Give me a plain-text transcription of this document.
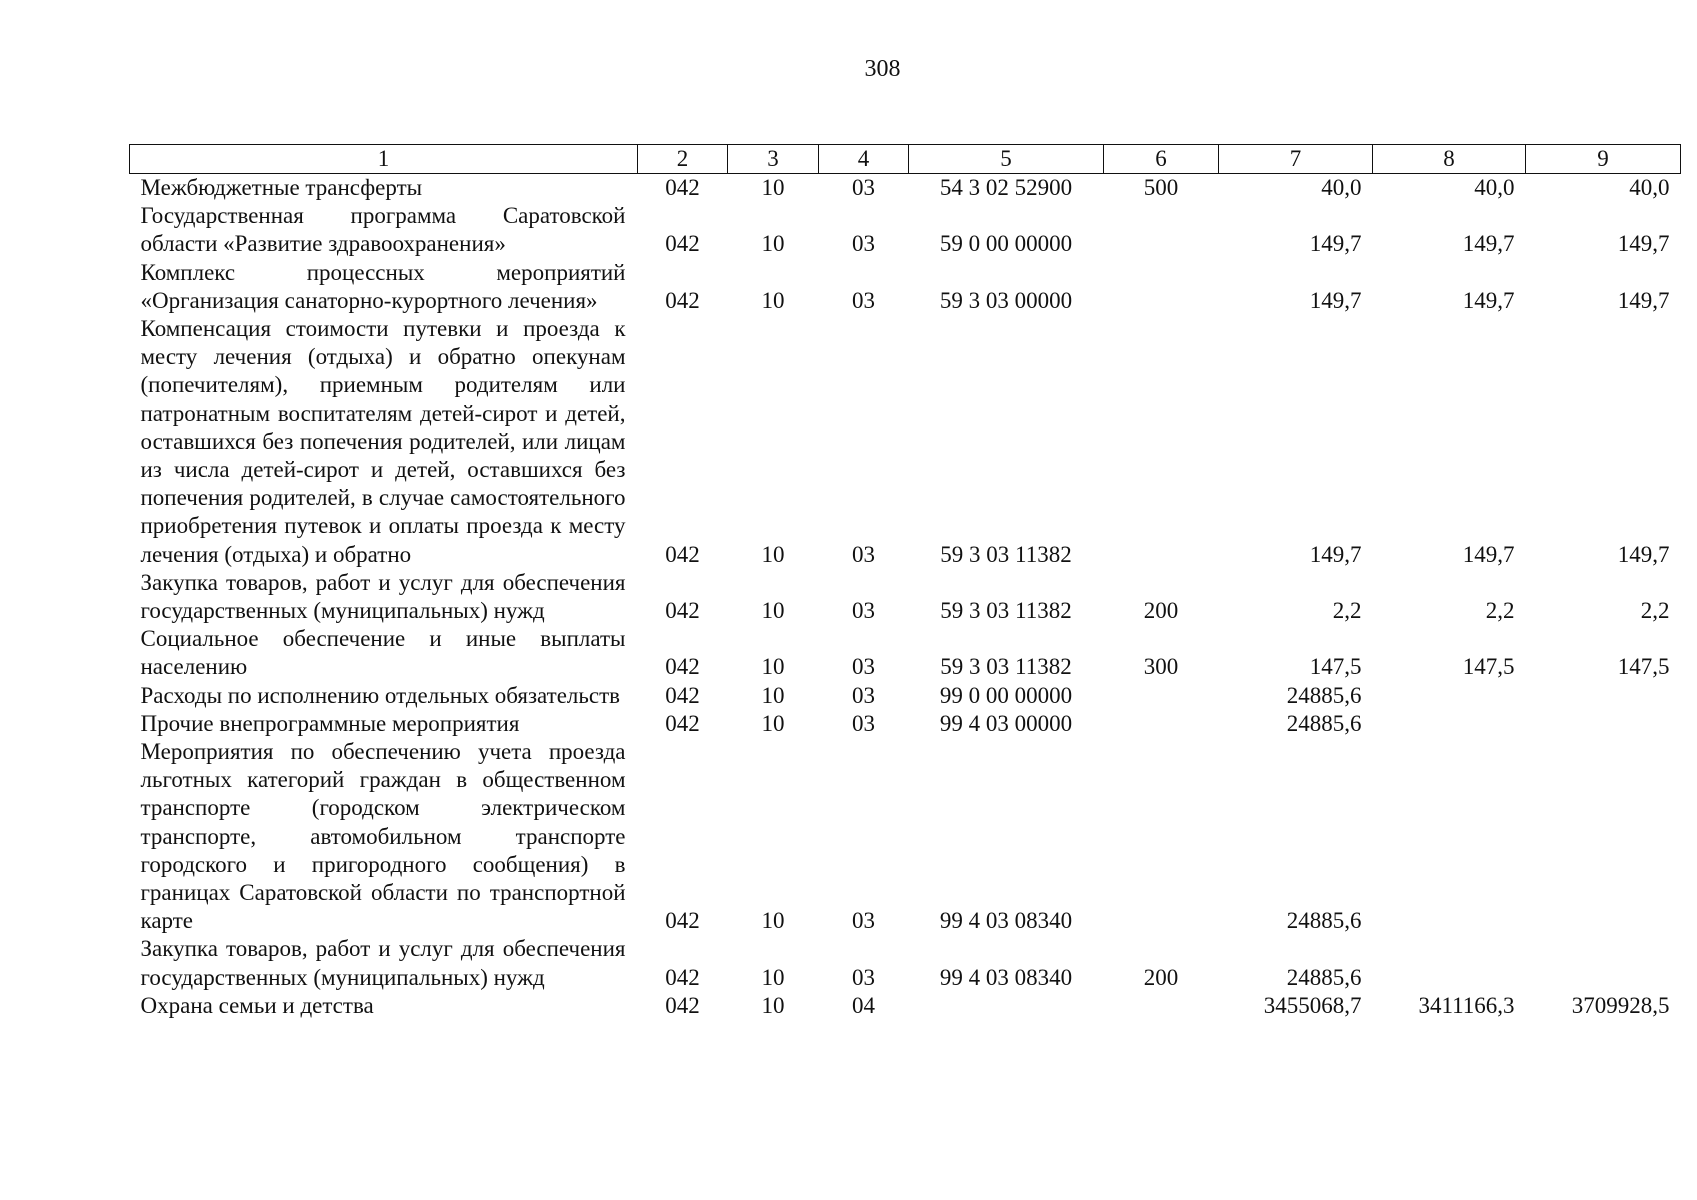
308
1	2	3	4	5	6	7	8	9
Межбюджетные трансферты	042	10	03	54 3 02 52900	500	40,0	40,0	40,0
Государственная программа Саратовской области «Развитие здравоохранения»	042	10	03	59 0 00 00000		149,7	149,7	149,7
Комплекс процессных мероприятий «Организация санаторно-курортного лечения»	042	10	03	59 3 03 00000		149,7	149,7	149,7
Компенсация стоимости путевки и проезда к месту лечения (отдыха) и обратно опекунам (попечителям), приемным родителям или патронатным воспитателям детей-сирот и детей, оставшихся без попечения родителей, или лицам из числа детей-сирот и детей, оставшихся без попечения родителей, в случае самостоятельного приобретения путевок и оплаты проезда к месту лечения (отдыха) и обратно	042	10	03	59 3 03 11382		149,7	149,7	149,7
Закупка товаров, работ и услуг для обеспечения государственных (муниципальных) нужд	042	10	03	59 3 03 11382	200	2,2	2,2	2,2
Социальное обеспечение и иные выплаты населению	042	10	03	59 3 03 11382	300	147,5	147,5	147,5
Расходы по исполнению отдельных обязательств	042	10	03	99 0 00 00000		24885,6		
Прочие внепрограммные мероприятия	042	10	03	99 4 03 00000		24885,6		
Мероприятия по обеспечению учета проезда льготных категорий граждан в общественном транспорте (городском электрическом транспорте, автомобильном транспорте городского и пригородного сообщения) в границах Саратовской области по транспортной карте	042	10	03	99 4 03 08340		24885,6		
Закупка товаров, работ и услуг для обеспечения государственных (муниципальных) нужд	042	10	03	99 4 03 08340	200	24885,6		
Охрана семьи и детства	042	10	04			3455068,7	3411166,3	3709928,5
